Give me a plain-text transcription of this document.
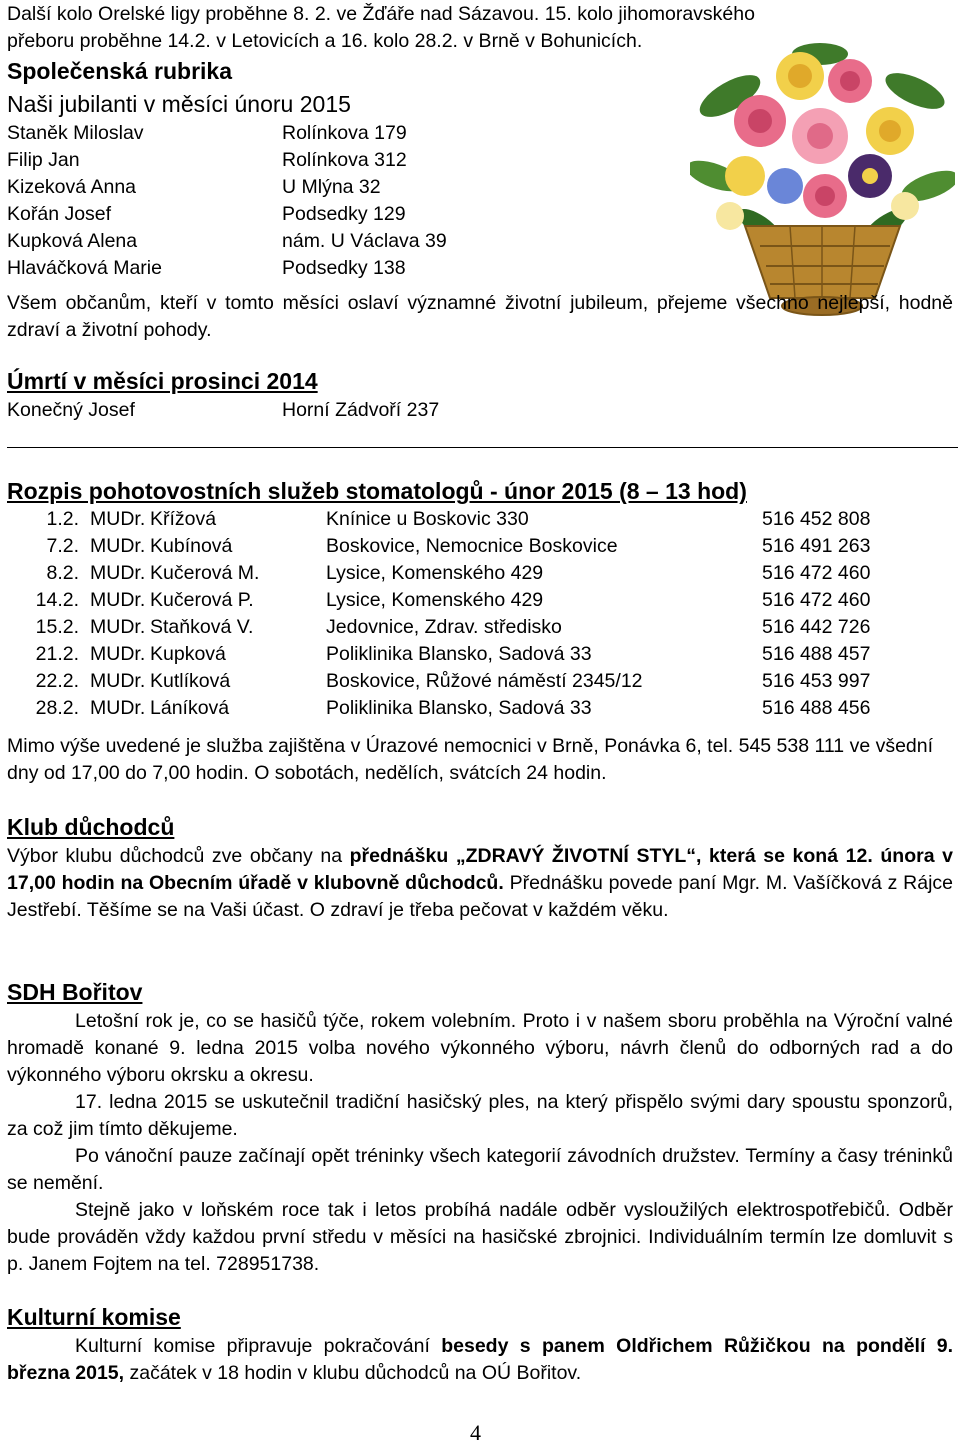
Další kolo Orelské ligy proběhne 8. 2. ve Žďáře nad Sázavou. 15. kolo jihomoravského
přeboru proběhne 14.2. v Letovicích a 16. kolo 28.2. v Brně v Bohunicích.
Společenská rubrika
Naši jubilanti v měsíci únoru 2015
Staněk Miloslav	Rolínkova 179
Filip Jan	Rolínkova 312
Kizeková Anna	U Mlýna 32
Kořán Josef	Podsedky 129
Kupková Alena	nám. U Václava 39
Hlaváčková Marie	Podsedky 138

Všem občanům, kteří v tomto měsíci oslaví významné životní jubileum, přejeme všechno nejlepší, hodně zdraví a životní pohody.

Úmrtí v měsíci prosinci 2014
Konečný Josef	Horní Zádvoří 237
Rozpis pohotovostních služeb stomatologů - únor 2015 (8 – 13 hod)
1.2. MUDr. Křížová	Knínice u Boskovic 330	516 452 808
7.2. MUDr. Kubínová	Boskovice, Nemocnice Boskovice	516 491 263
8.2. MUDr. Kučerová M.	Lysice, Komenského 429	516 472 460
14.2. MUDr. Kučerová P.	Lysice, Komenského 429	516 472 460
15.2. MUDr. Staňková V.	Jedovnice, Zdrav. středisko	516 442 726
21.2. MUDr. Kupková	Poliklinika Blansko, Sadová 33	516 488 457
22.2. MUDr. Kutlíková	Boskovice, Růžové náměstí 2345/12	516 453 997
28.2. MUDr. Láníková	Poliklinika Blansko, Sadová 33	516 488 456

Mimo výše uvedené je služba zajištěna v Úrazové nemocnici v Brně, Ponávka 6, tel. 545 538 111 ve všední dny od 17,00 do 7,00 hodin. O sobotách, nedělích, svátcích 24 hodin.

Klub důchodců

Výbor klubu důchodců zve občany na přednášku „ZDRAVÝ ŽIVOTNÍ STYL“, která se koná 12. února v 17,00 hodin na Obecním úřadě v klubovně důchodců. Přednášku povede paní Mgr. M. Vašíčková z Rájce Jestřebí. Těšíme se na Vaši účast. O zdraví je třeba pečovat v každém věku.

SDH Bořitov

Letošní rok je, co se hasičů týče, rokem volebním. Proto i v našem sboru proběhla na Výroční valné hromadě konané 9. ledna 2015 volba nového výkonného výboru, návrh členů do odborných rad a do výkonného výboru okrsku a okresu.

17. ledna 2015 se uskutečnil tradiční hasičský ples, na který přispělo svými dary spoustu sponzorů, za což jim tímto děkujeme.

Po vánoční pauze začínají opět tréninky všech kategorií závodních družstev. Termíny a časy tréninků se nemění.

Stejně jako v loňském roce tak i letos probíhá nadále odběr vysloužilých elektrospotřebičů. Odběr bude prováděn vždy každou první středu v měsíci na hasičské zbrojnici. Individuálním termín lze domluvit s p. Janem Fojtem na tel. 728951738.

Kulturní komise

Kulturní komise připravuje pokračování besedy s panem Oldřichem Růžičkou na pondělí 9. března 2015, začátek v 18 hodin v klubu důchodců na OÚ Bořitov.

4
